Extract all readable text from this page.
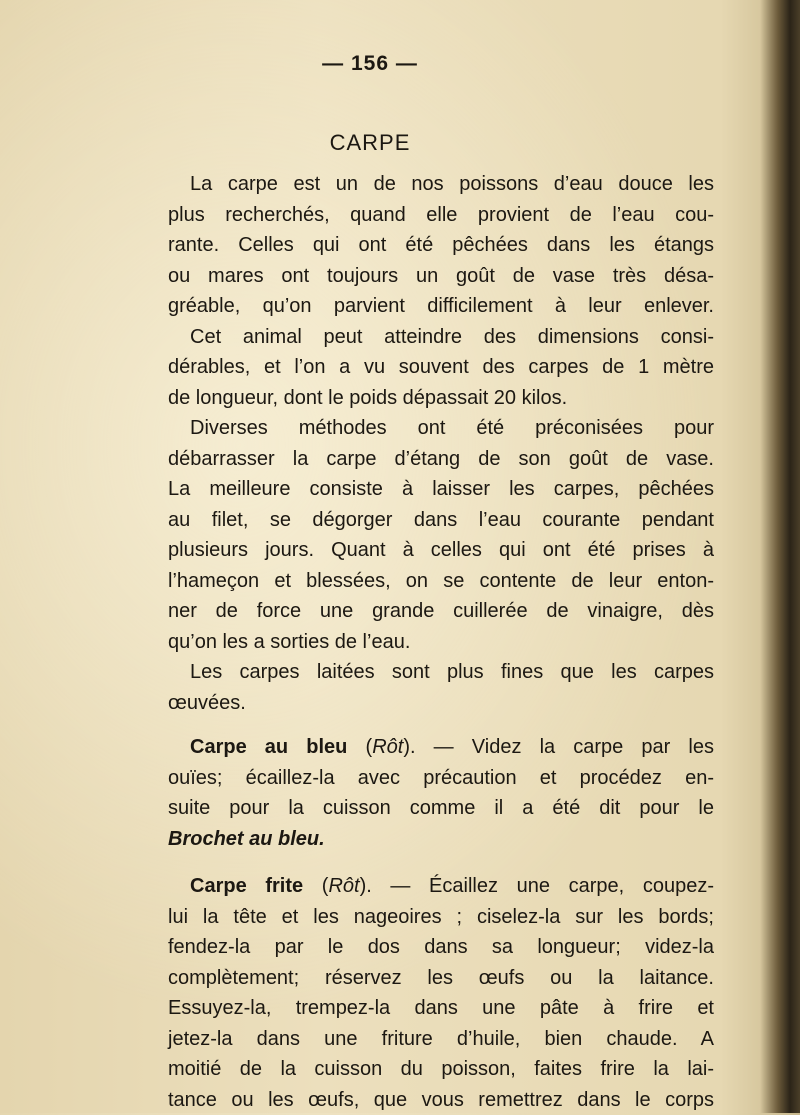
— 156 —
CARPE
La carpe est un de nos poissons d’eau douce les
plus recherchés, quand elle provient de l’eau cou-
rante. Celles qui ont été pêchées dans les étangs
ou mares ont toujours un goût de vase très désa-
gréable, qu’on parvient difficilement à leur enlever.
Cet animal peut atteindre des dimensions consi-
dérables, et l’on a vu souvent des carpes de 1 mètre
de longueur, dont le poids dépassait 20 kilos.
Diverses méthodes ont été préconisées pour
débarrasser la carpe d’étang de son goût de vase.
La meilleure consiste à laisser les carpes, pêchées
au filet, se dégorger dans l’eau courante pendant
plusieurs jours. Quant à celles qui ont été prises à
l’hameçon et blessées, on se contente de leur enton-
ner de force une grande cuillerée de vinaigre, dès
qu’on les a sorties de l’eau.
Les carpes laitées sont plus fines que les carpes
œuvées.
Carpe au bleu (Rôt). — Videz la carpe par les
ouïes; écaillez-la avec précaution et procédez en-
suite pour la cuisson comme il a été dit pour le
Brochet au bleu.
Carpe frite (Rôt). — Écaillez une carpe, coupez-
lui la tête et les nageoires ; ciselez-la sur les bords;
fendez-la par le dos dans sa longueur; videz-la
complètement; réservez les œufs ou la laitance.
Essuyez-la, trempez-la dans une pâte à frire et
jetez-la dans une friture d’huile, bien chaude. A
moitié de la cuisson du poisson, faites frire la lai-
tance ou les œufs, que vous remettrez dans le corps
